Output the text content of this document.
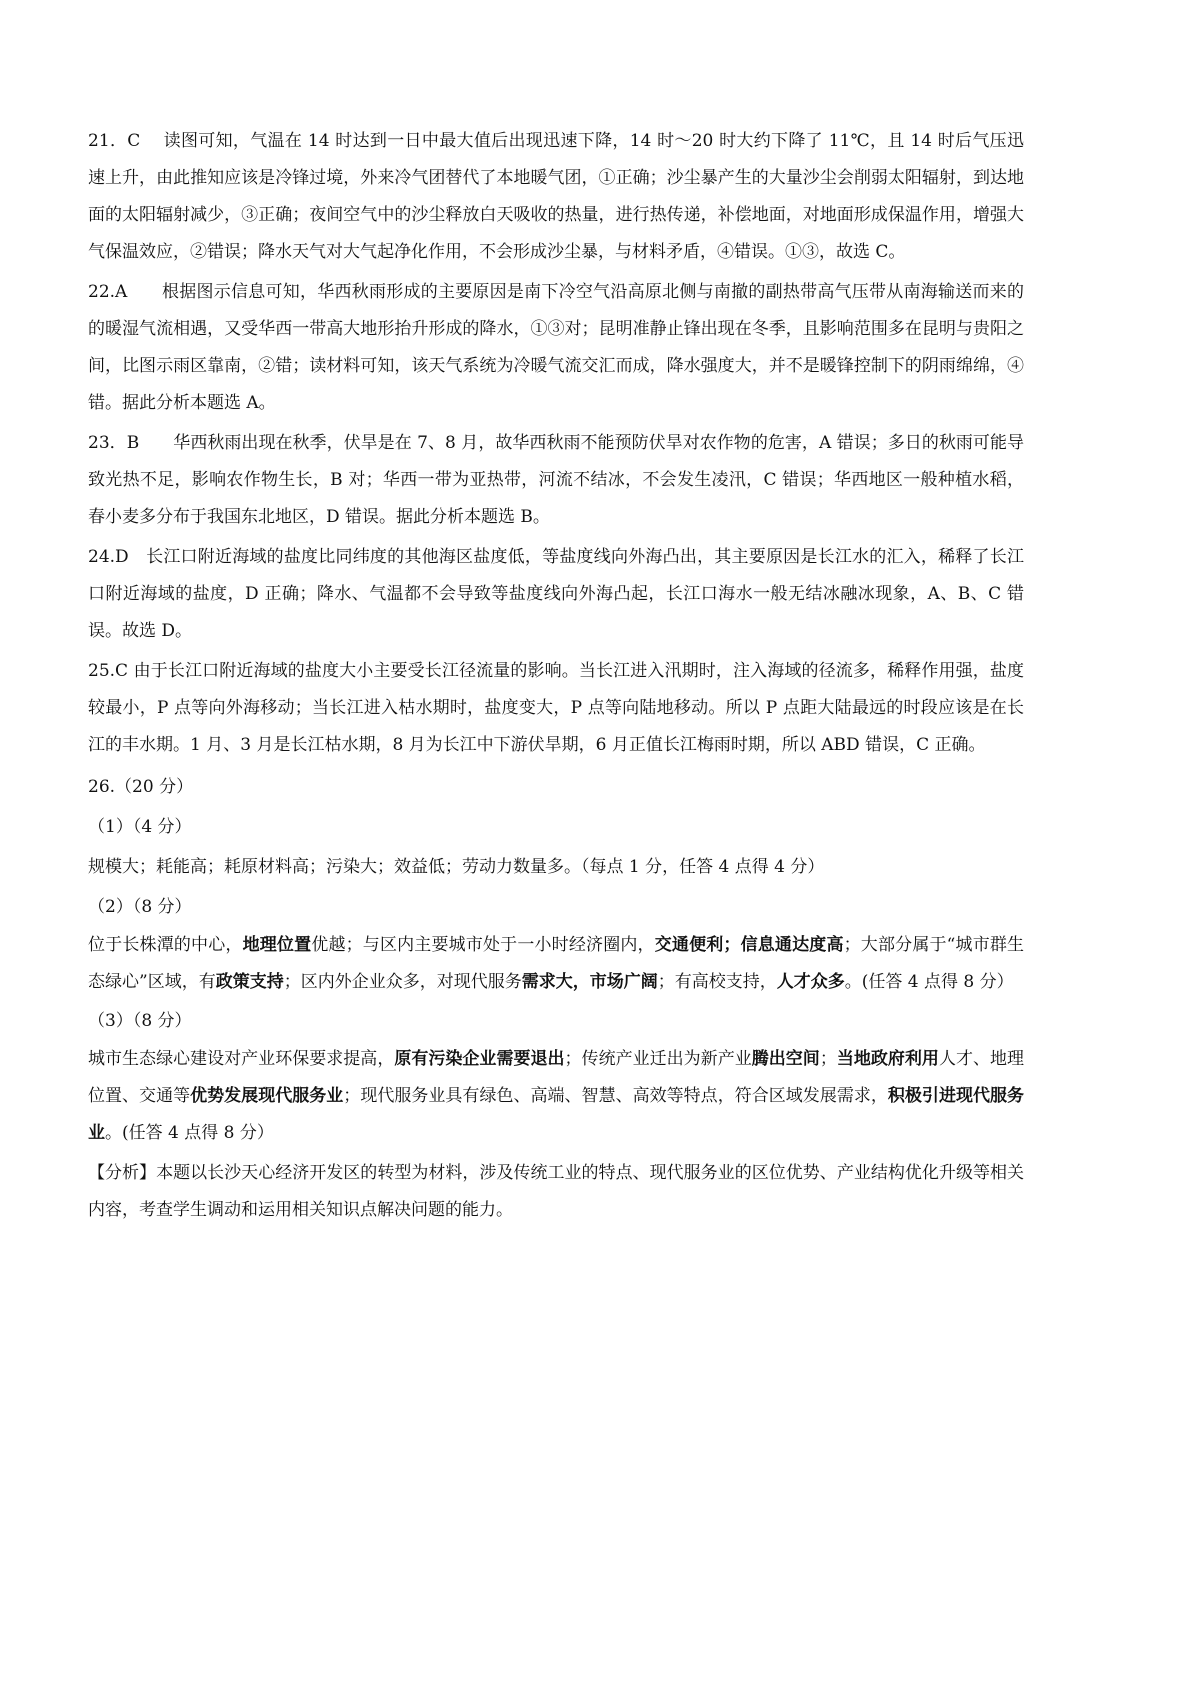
21．C　 读图可知，气温在 14 时达到一日中最大值后出现迅速下降，14 时～20 时大约下降了 11℃，且 14 时后气压迅速上升，由此推知应该是冷锋过境，外来冷气团替代了本地暖气团，①正确；沙尘暴产生的大量沙尘会削弱太阳辐射，到达地面的太阳辐射减少，③正确；夜间空气中的沙尘释放白天吸收的热量，进行热传递，补偿地面，对地面形成保温作用，增强大气保温效应，②错误；降水天气对大气起净化作用，不会形成沙尘暴，与材料矛盾，④错误。①③，故选 C。

22.A　　根据图示信息可知，华西秋雨形成的主要原因是南下冷空气沿高原北侧与南撤的副热带高气压带从南海输送而来的的暖湿气流相遇，又受华西一带高大地形抬升形成的降水，①③对；昆明准静止锋出现在冬季，且影响范围多在昆明与贵阳之间，比图示雨区靠南，②错；读材料可知，该天气系统为冷暖气流交汇而成，降水强度大，并不是暖锋控制下的阴雨绵绵，④错。据此分析本题选 A。

23．B　　华西秋雨出现在秋季，伏旱是在 7、8 月，故华西秋雨不能预防伏旱对农作物的危害，A 错误；多日的秋雨可能导致光热不足，影响农作物生长，B 对；华西一带为亚热带，河流不结冰，不会发生凌汛，C 错误；华西地区一般种植水稻，春小麦多分布于我国东北地区，D 错误。据此分析本题选 B。

24.D　长江口附近海域的盐度比同纬度的其他海区盐度低，等盐度线向外海凸出，其主要原因是长江水的汇入，稀释了长江口附近海域的盐度，D 正确；降水、气温都不会导致等盐度线向外海凸起，长江口海水一般无结冰融冰现象，A、B、C 错误。故选 D。

25.C 由于长江口附近海域的盐度大小主要受长江径流量的影响。当长江进入汛期时，注入海域的径流多，稀释作用强，盐度较最小，P 点等向外海移动；当长江进入枯水期时，盐度变大，P 点等向陆地移动。所以 P 点距大陆最远的时段应该是在长江的丰水期。1 月、3 月是长江枯水期，8 月为长江中下游伏旱期，6 月正值长江梅雨时期，所以 ABD 错误，C 正确。

26.（20 分）

（1）（4 分）

规模大；耗能高；耗原材料高；污染大；效益低；劳动力数量多。（每点 1 分，任答 4 点得 4 分）

（2）（8 分）

位于长株潭的中心，地理位置优越；与区内主要城市处于一小时经济圈内，交通便利；信息通达度高；大部分属于“城市群生态绿心”区域，有政策支持；区内外企业众多，对现代服务需求大，市场广阔；有高校支持，人才众多。(任答 4 点得 8 分）

（3）（8 分）

城市生态绿心建设对产业环保要求提高，原有污染企业需要退出；传统产业迁出为新产业腾出空间；当地政府利用人才、地理位置、交通等优势发展现代服务业；现代服务业具有绿色、高端、智慧、高效等特点，符合区域发展需求，积极引进现代服务业。(任答 4 点得 8 分）

【分析】本题以长沙天心经济开发区的转型为材料，涉及传统工业的特点、现代服务业的区位优势、产业结构优化升级等相关内容，考查学生调动和运用相关知识点解决问题的能力。
